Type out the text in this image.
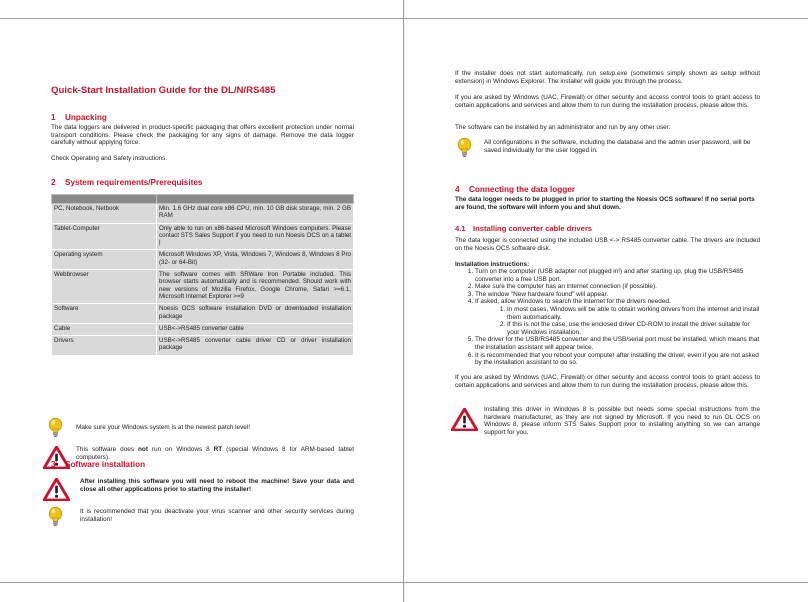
Quick-Start Installation Guide for the DL/N/RS485
1 Unpacking

The data loggers are delivered in product-specific packaging that offers excellent protection under normal transport conditions. Please check the packaging for any signs of damage. Remove the data logger carefully without applying force.

Check Operating and Safety instructions.

2 System requirements/Prerequisites

PC, Notebook, Netbook	Min. 1.6 GHz dual core x86 CPU, min. 10 GB disk storage, min. 2 GB RAM
Tablet-Computer	Only able to run on x86-based Microsoft Windows computers. Please contact STS Sales Support if you need to run Noesis OCS on a tablet |
Operating system	Microsoft Windows XP, Vista, Windows 7, Windows 8, Windows 8 Pro (32- or 64-Bit)
Webbrowser	The software comes with SRWare Iron Portable included. This browser starts automatically and is recommended. Should work with new versions of Mozilla Firefox, Google Chrome, Safari >=6.1, Microsoft Internet Explorer >=9
Software	Noesis OCS software installation DVD or downloaded installation package
Cable	USB<->RS485 converter cable
Drivers	USB<->RS485 converter cable driver CD or driver installation package

Make sure your Windows system is at the newest patch level!

This software does not run on Windows 8 RT (special Windows 8 for ARM-based tablet computers).

3 Software installation

After installing this software you will need to reboot the machine! Save your data and close all other applications prior to starting the installer!

It is recommended that you deactivate your virus scanner and other security services during installation!

If the installer does not start automatically, run setup.exe (sometimes simply shown as setup without extension) in Windows Explorer. The installer will guide you through the process.

If you are asked by Windows (UAC, Firewall) or other security and access control tools to grant access to certain applications and services and allow them to run during the installation process, please allow this.

The software can be installed by an administrator and run by any other user.

All configurations in the software, including the database and the admin user password, will be saved individually for the user logged in.

4 Connecting the data logger

The data logger needs to be plugged in prior to starting the Noesis OCS software! If no serial ports are found, the software will inform you and shut down.

4.1 Installing converter cable drivers

The data logger is connected using the included USB <-> RS485 converter cable. The drivers are included on the Noesis OCS software disk.

Installation instructions:

1. Turn on the computer (USB adapter not plugged in!) and after starting up, plug the USB/RS485 converter into a free USB port.
2. Make sure the computer has an internet connection (if possible).
3. The window "New hardware found" will appear.
4. If asked, allow Windows to search the internet for the drivers needed.
1. In most cases, Windows will be able to obtain working drivers from the internet and install them automatically.
2. If this is not the case, use the enclosed driver CD-ROM to install the driver suitable for your Windows installation.
5. The driver for the USB/RS485 converter and the USB/serial port must be installed, which means that the installation assistant will appear twice.
6. It is recommended that you reboot your computer after installing the driver, even if you are not asked by the installation assistant to do so.

If you are asked by Windows (UAC, Firewall) or other security and access control tools to grant access to certain applications and services and allow them to run during the installation process, please allow this.

Installing this driver in Windows 8 is possible but needs some special instructions from the hardware manufacturer, as they are not signed by Microsoft. If you need to run DL OCS on Windows 8, please inform STS Sales Support prior to installing anything so we can arrange support for you.
